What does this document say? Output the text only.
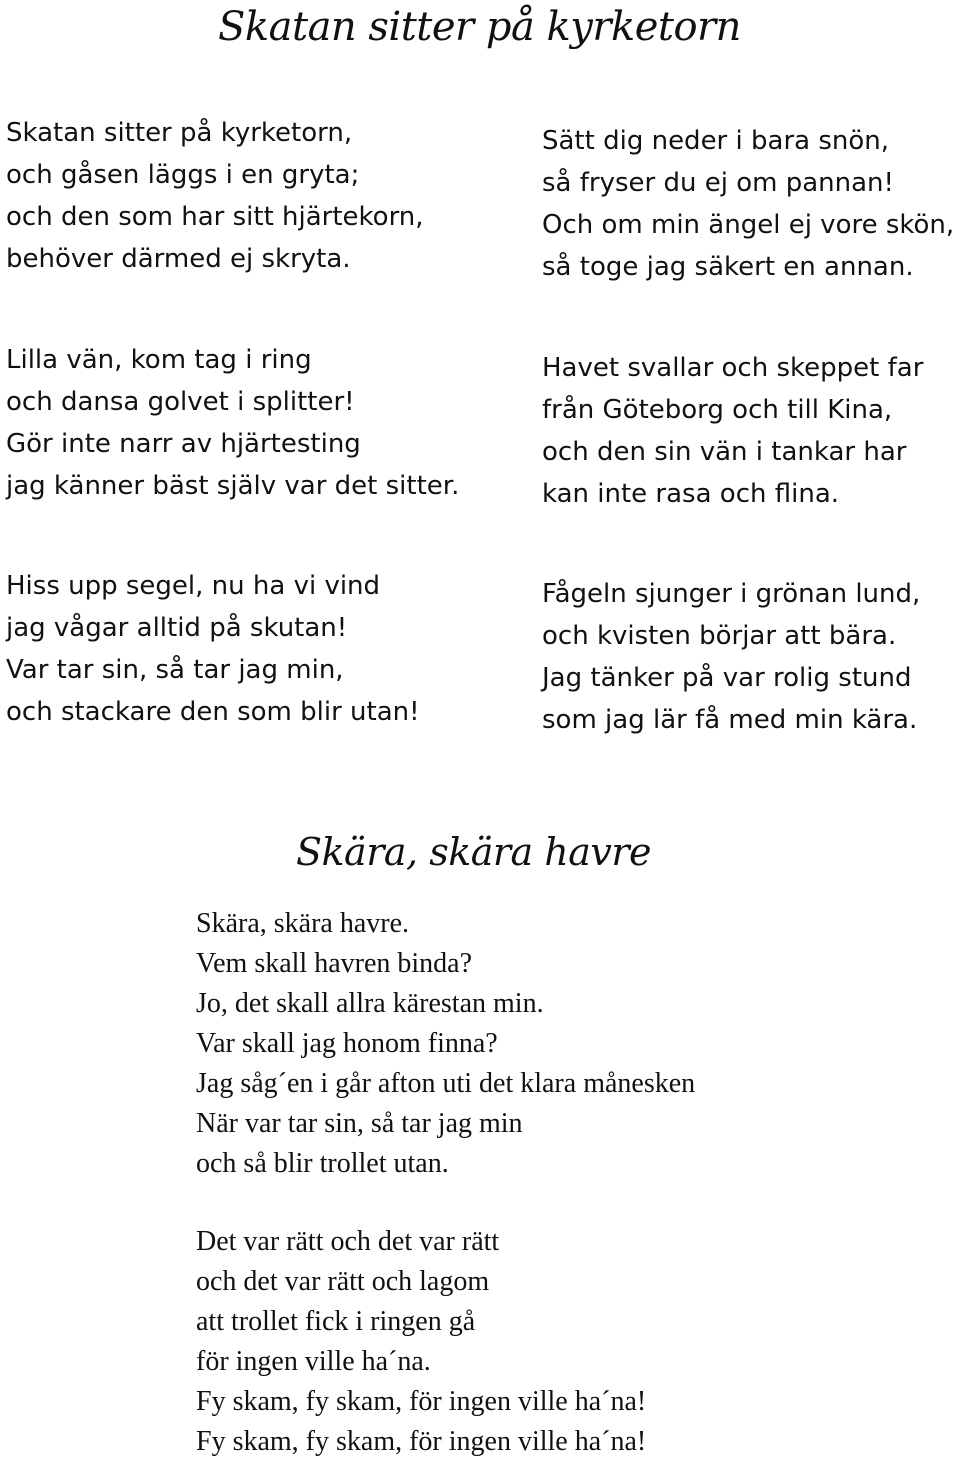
Skatan sitter på kyrketorn
Skatan sitter på kyrketorn,
och gåsen läggs i en gryta;
och den som har sitt hjärtekorn,
behöver därmed ej skryta.
Lilla vän, kom tag i ring
och dansa golvet i splitter!
Gör inte narr av hjärtesting
jag känner bäst själv var det sitter.
Hiss upp segel, nu ha vi vind
jag vågar alltid på skutan!
Var tar sin, så tar jag min,
och stackare den som blir utan!
Sätt dig neder i bara snön,
så fryser du ej om pannan!
Och om min ängel ej vore skön,
så toge jag säkert en annan.
Havet svallar och skeppet far
från Göteborg och till Kina,
och den sin vän i tankar har
kan inte rasa och flina.
Fågeln sjunger i grönan lund,
och kvisten börjar att bära.
Jag tänker på var rolig stund
som jag lär få med min kära.
Skära, skära havre
Skära, skära havre.
Vem skall havren binda?
Jo, det skall allra kärestan min.
Var skall jag honom finna?
Jag såg´en i går afton uti det klara månesken
När var tar sin, så tar jag min
och så blir trollet utan.
Det var rätt och det var rätt
och det var rätt och lagom
att trollet fick i ringen gå
för ingen ville ha´na.
Fy skam, fy skam, för ingen ville ha´na!
Fy skam, fy skam, för ingen ville ha´na!
